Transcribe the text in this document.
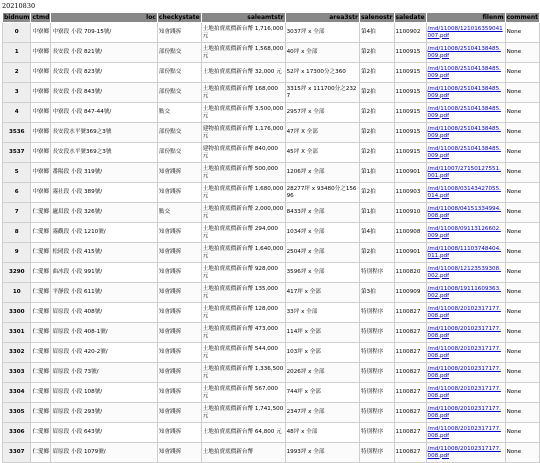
20210830
bidnum	ctmd	loc	checkystate	saleamtstr	area3str	salenostr	saledate	filenm	comment
0	中寮鄉	中寮段 小段 709-15號/	知會踐拆	土地拍賣底價新台幣 1,716,000 元	3037坪 x 全部	第4拍	1100902	/md/11008/121016359041007.pdf	None
1	中寮鄉	長安段 小段 821號/	部份點交	土地拍賣底價新台幣 1,568,000 元	40坪 x 全部	第2拍	1100915	/md/11008/25104138485.009.pdf	None
2	中寮鄉	長安段 小段 823號/	部份點交	土地拍賣底價新台幣 32,000 元	52坪 x 17300分之360	第2拍	1100915	/md/11008/25104138485.009.pdf	None
3	中寮鄉	長安段 小段 843號/	部份點交	土地拍賣底價新台幣 168,000 元	3315坪 x 111700分之2327	第2拍	1100915	/md/11008/25104138485.009.pdf	None
4	中寮鄉	中寮段 小段 847-44號/	點交	土地拍賣底價新台幣 3,500,000 元	2957坪 x 全部	第2拍	1100915	/md/11008/25104138485.009.pdf	None
3536	中寮鄉	長安段水平號369之3號	部份點交	建物拍賣底價新台幣 1,176,000 元	47坪 X 全部	第2拍	1100915	/md/11008/25104138485.009.pdf	None
3537	中寮鄉	長安段水平號369之3號	部份點交	建物拍賣底價新台幣 840,000 元	45坪 X 全部	第2拍	1100915	/md/11008/25104138485.009.pdf	None
5	中寮鄉	番陽段 小段 319號/	知會踐拆	土地拍賣底價新台幣 500,000 元	1206坪 x 全部	第1拍	1100901	/md/11007/27150127551.001.pdf	None
6	中寮鄉	霧社段 小段 389號/	知會踐拆	土地拍賣底價新台幣 1,680,000 元	28277坪 x 93480分之15696	第2拍	1100903	/md/11008/03143427055.014.pdf	None
7	仁愛鄉	廬眉段 小段 326號/	點交	土地拍賣底價新台幣 2,000,000 元	8433坪 x 全部	第1拍	1100910	/md/11008/04151334994.008.pdf	None
8	仁愛鄉	霧觀段 小段 1210號/	知會踐拆	土地拍賣底價新台幣 294,000 元	1034坪 x 全部	第4拍	1100908	/md/11008/09113126602.009.pdf	None
9	仁愛鄉	松岡段 小段 415號/	知會踐拆	土地拍賣底價新台幣 1,640,000 元	2504坪 x 全部	第2拍	1100901	/md/11008/11103748404.011.pdf	None
3290	仁愛鄉	曲冰段 小段 991號/	知會踐拆	土地拍賣底價新台幣 928,000 元	3596坪 x 全部	特別程序	1100820	/md/11008/12123539308.002.pdf	None
10	仁愛鄉	平靜段 小段 611號/	知會踐拆	土地拍賣底價新台幣 135,000 元	417坪 x 全部	第3拍	1100909	/md/11008/19111609363.002.pdf	None
3300	仁愛鄉	眉原段 小段 408號/	知會踐拆	土地拍賣底價新台幣 128,000 元	33坪 x 全部	特別程序	1100827	/md/11008/20102317177.008.pdf	None
3301	仁愛鄉	眉原段 小段 408-1號/	知會踐拆	土地拍賣底價新台幣 473,000 元	114坪 x 全部	特別程序	1100827	/md/11008/20102317177.008.pdf	None
3302	仁愛鄉	眉原段 小段 420-2號/	知會踐拆	土地拍賣底價新台幣 544,000 元	103坪 x 全部	特別程序	1100827	/md/11008/20102317177.008.pdf	None
3303	仁愛鄉	眉原段 小段 73號/	知會踐拆	土地拍賣底價新台幣 1,336,500 元	2026坪 x 全部	特別程序	1100827	/md/11008/20102317177.008.pdf	None
3304	仁愛鄉	眉原段 小段 108號/	知會踐拆	土地拍賣底價新台幣 567,000 元	744坪 x 全部	特別程序	1100827	/md/11008/20102317177.008.pdf	None
3305	仁愛鄉	眉原段 小段 293號/	知會踐拆	土地拍賣底價新台幣 1,741,500 元	2347坪 x 全部	特別程序	1100827	/md/11008/20102317177.008.pdf	None
3306	仁愛鄉	眉原段 小段 643號/	知會踐拆	土地拍賣底價新台幣 64,800 元	48坪 x 全部	特別程序	1100827	/md/11008/20102317177.008.pdf	None
3307	仁愛鄉	眉原段 小段 1079號/	知會踐拆	土地拍賣底價新台幣	1993坪 x 全部	特別程序	1100827	/md/11008/20102317177.008.pdf	None
